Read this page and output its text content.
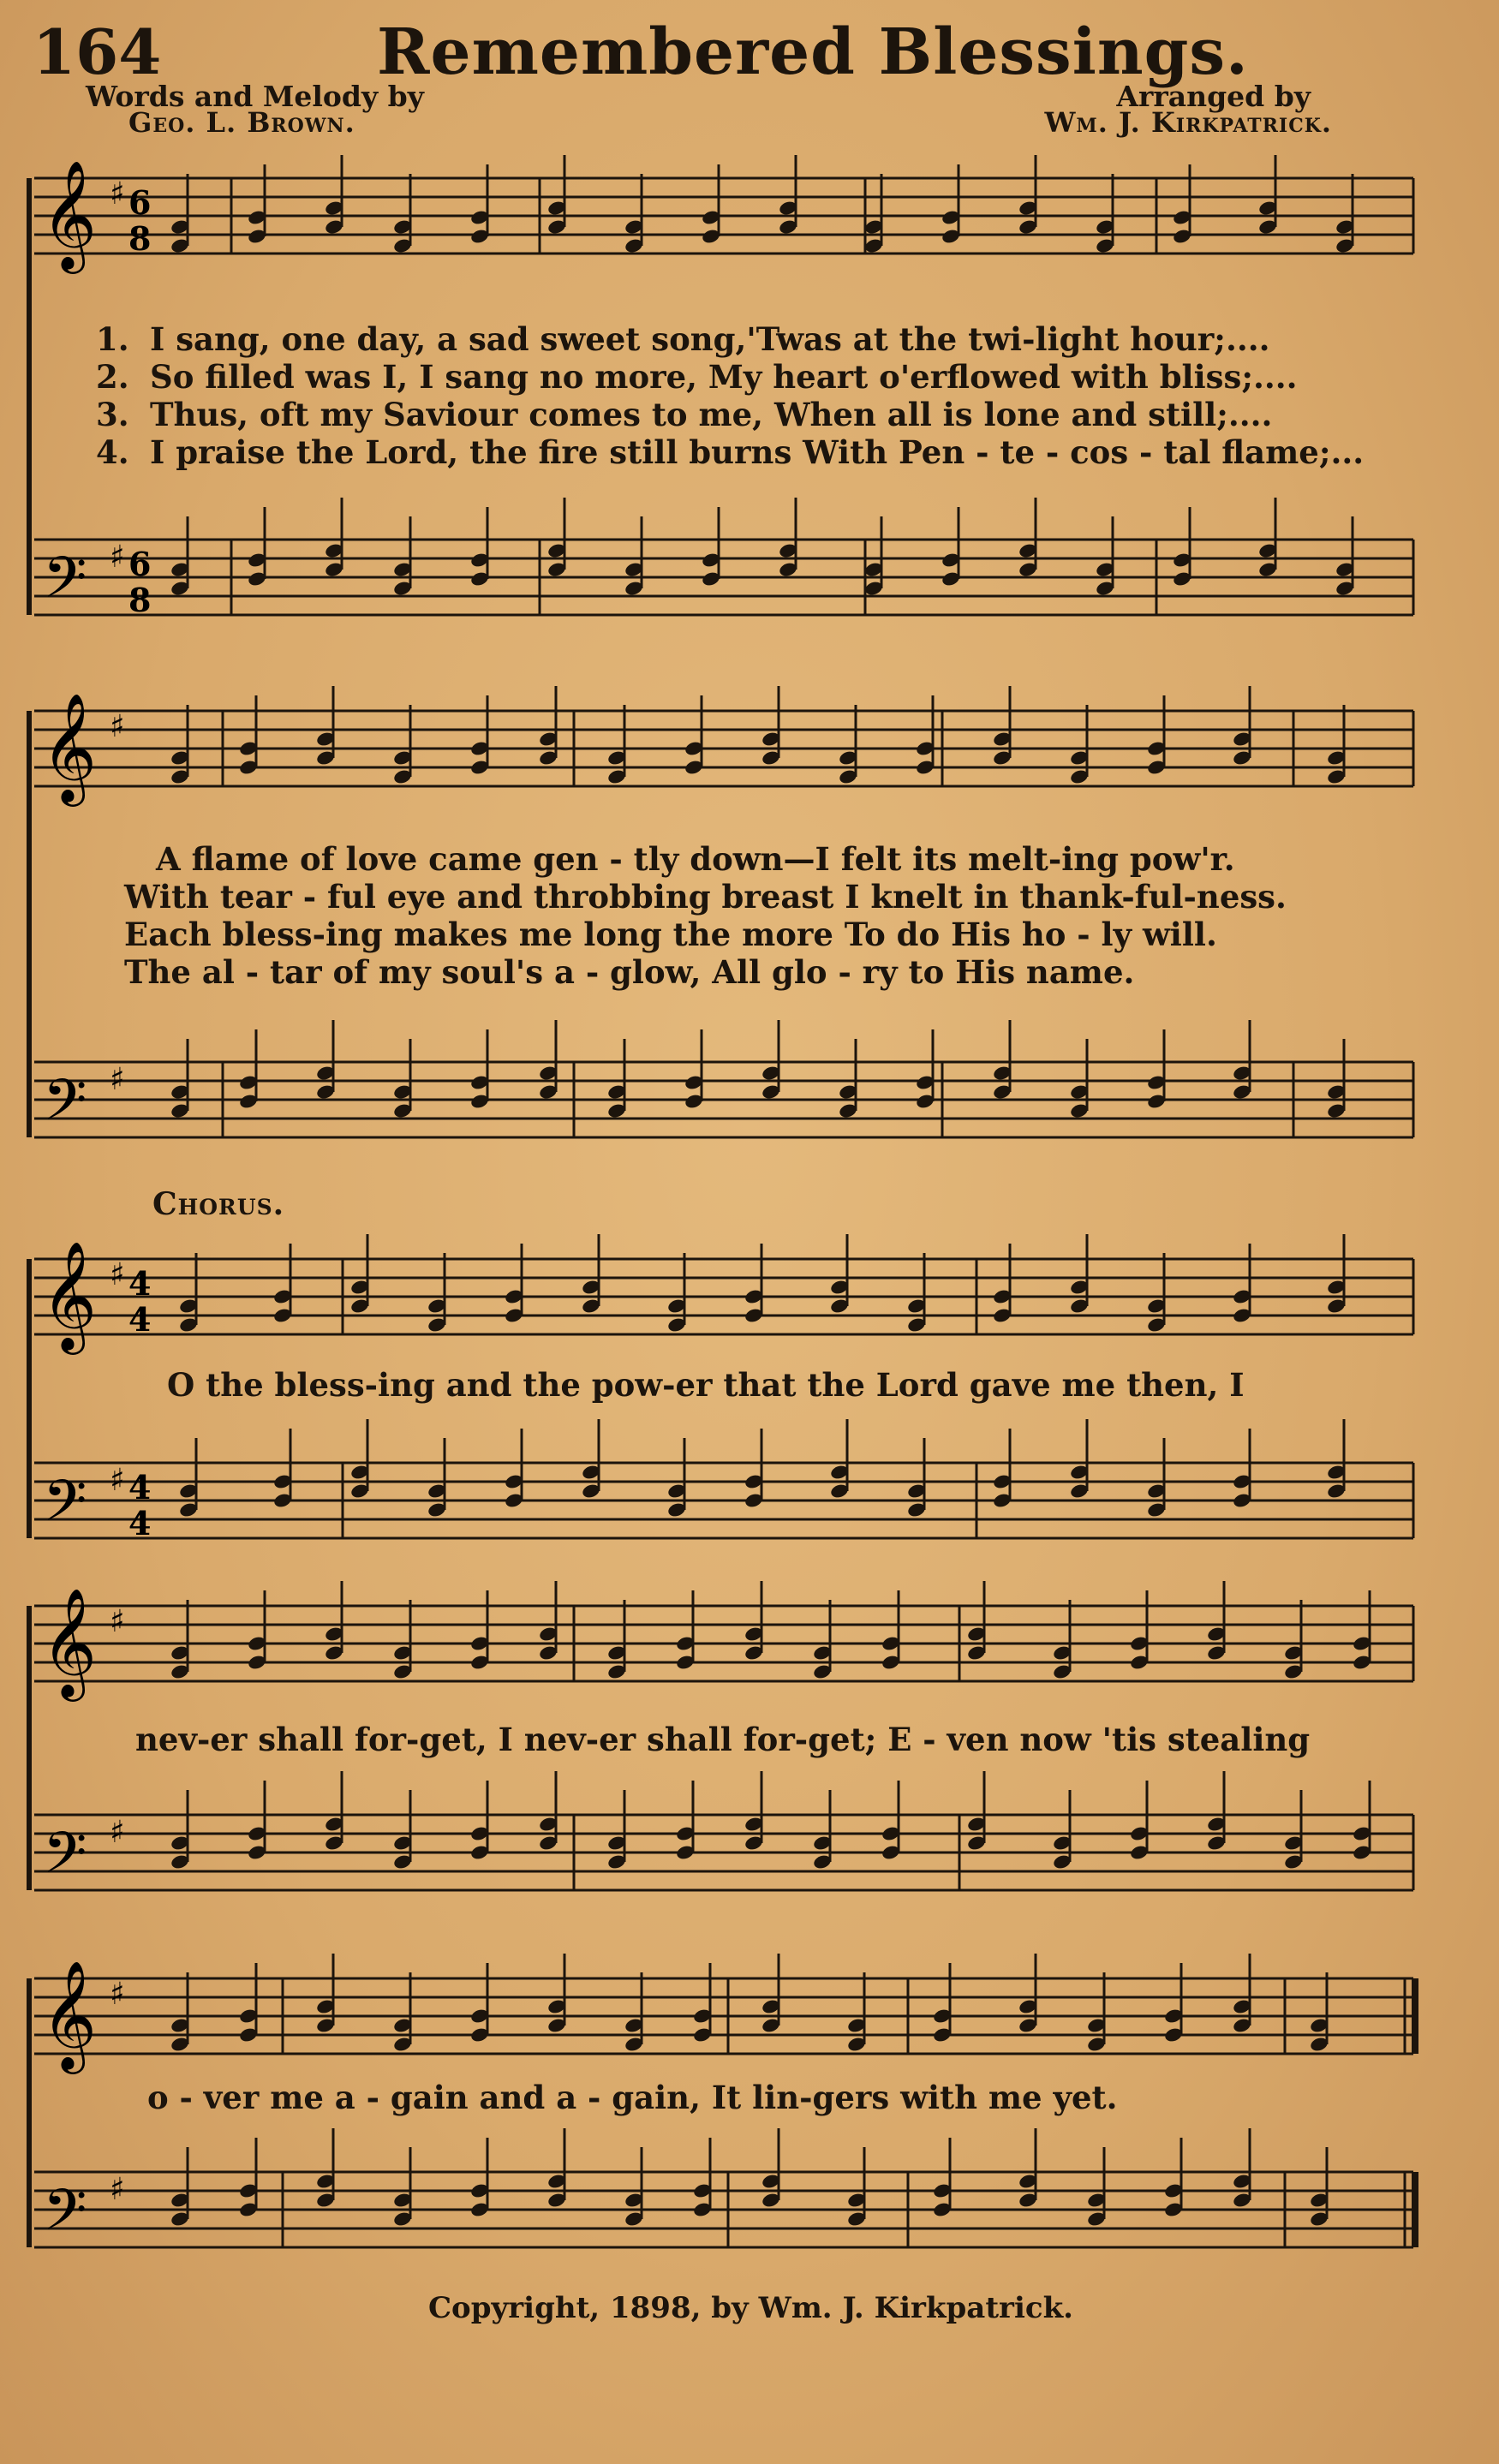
164	Remembered Blessings.
Words and Melody by
Geo. L. Brown.
Arranged by
Wm. J. Kirkpatrick.
𝄞
𝄢
♯
♯
6
8
6
8

1.

I sang, one day, a sad sweet song,'Twas at the twi-light hour;....

2.

So filled was I, I sang no more, My heart o'erflowed with bliss;....

3.

Thus, oft my Saviour comes to me, When all is lone and still;....

4.

I praise the Lord, the fire still burns With Pen - te - cos - tal flame;...

𝄞
𝄢
♯
♯

A flame of love came gen - tly down—I felt its melt-ing pow'r.

With tear - ful eye and throbbing breast I knelt in thank-ful-ness.

Each bless-ing makes me long the more To do His ho - ly will.

The al - tar of my soul's a - glow, All glo - ry to His name.

Chorus.
𝄞
𝄢
♯
♯
4
4
4
4

O the bless-ing and the pow-er that the Lord gave me then, I

𝄞
𝄢
♯
♯

nev-er shall for-get, I nev-er shall for-get; E - ven now 'tis stealing

𝄞
𝄢
♯
♯

o - ver me a - gain and a - gain, It lin-gers with me yet.

Copyright, 1898, by Wm. J. Kirkpatrick.
